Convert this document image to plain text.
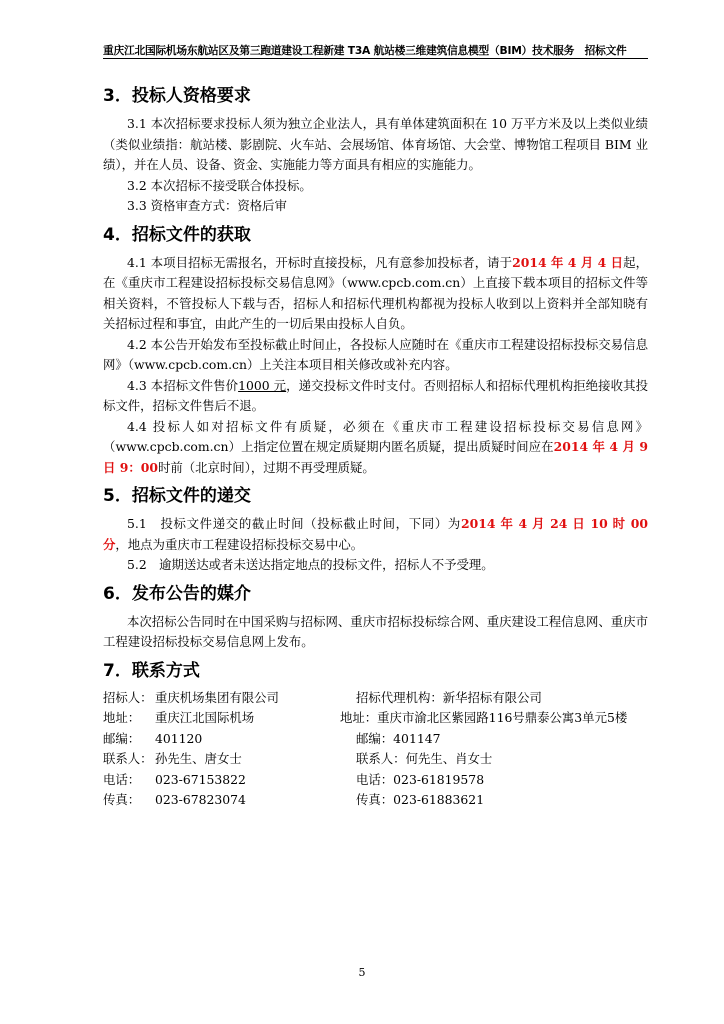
重庆江北国际机场东航站区及第三跑道建设工程新建 T3A 航站楼三维建筑信息模型（BIM）技术服务　招标文件
3．投标人资格要求

3.1 本次招标要求投标人须为独立企业法人，具有单体建筑面积在 10 万平方米及以上类似业绩（类似业绩指：航站楼、影剧院、火车站、会展场馆、体育场馆、大会堂、博物馆工程项目 BIM 业绩），并在人员、设备、资金、实施能力等方面具有相应的实施能力。

3.2 本次招标不接受联合体投标。

3.3 资格审查方式：资格后审

4．招标文件的获取

4.1 本项目招标无需报名，开标时直接投标，凡有意参加投标者，请于2014 年 4 月 4 日起，在《重庆市工程建设招标投标交易信息网》（www.cpcb.com.cn）上直接下载本项目的招标文件等相关资料，不管投标人下载与否，招标人和招标代理机构都视为投标人收到以上资料并全部知晓有关招标过程和事宜，由此产生的一切后果由投标人自负。

4.2 本公告开始发布至投标截止时间止，各投标人应随时在《重庆市工程建设招标投标交易信息网》（www.cpcb.com.cn）上关注本项目相关修改或补充内容。

4.3 本招标文件售价1000 元，递交投标文件时支付。否则招标人和招标代理机构拒绝接收其投标文件，招标文件售后不退。

4.4 投标人如对招标文件有质疑，必须在《重庆市工程建设招标投标交易信息网》（www.cpcb.com.cn）上指定位置在规定质疑期内匿名质疑，提出质疑时间应在2014 年 4 月 9 日 9：00时前（北京时间），过期不再受理质疑。

5．招标文件的递交

5.1　投标文件递交的截止时间（投标截止时间，下同）为2014 年 4 月 24 日 10 时 00 分，地点为重庆市工程建设招标投标交易中心。

5.2　逾期送达或者未送达指定地点的投标文件，招标人不予受理。

6．发布公告的媒介

本次招标公告同时在中国采购与招标网、重庆市招标投标综合网、重庆建设工程信息网、重庆市工程建设招标投标交易信息网上发布。

7．联系方式
招标人： 重庆机场集团有限公司
地址： 重庆江北国际机场
邮编： 401120
联系人： 孙先生、唐女士
电话： 023-67153822
传真： 023-67823074
招标代理机构：新华招标有限公司
地址：重庆市渝北区紫园路116号鼎泰公寓3单元5楼
邮编：401147
联系人：何先生、肖女士
电话：023-61819578
传真：023-61883621
5
